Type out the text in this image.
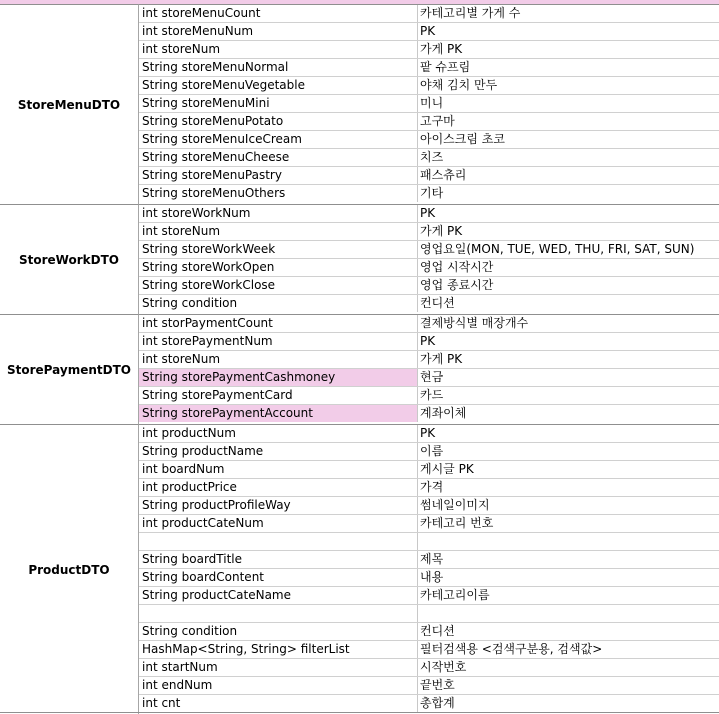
StoreMenuDTO
int storeMenuCount	카테고리별 가게 수
int storeMenuNum	PK
int storeNum	가게 PK
String storeMenuNormal	팥 슈프림
String storeMenuVegetable	야채 김치 만두
String storeMenuMini	미니
String storeMenuPotato	고구마
String storeMenuIceCream	아이스크림 초코
String storeMenuCheese	치즈
String storeMenuPastry	패스츄리
String storeMenuOthers	기타
StoreWorkDTO
int storeWorkNum	PK
int storeNum	가게 PK
String storeWorkWeek	영업요일(MON, TUE, WED, THU, FRI, SAT, SUN)
String storeWorkOpen	영업 시작시간
String storeWorkClose	영업 종료시간
String condition	컨디션
StorePaymentDTO
int storPaymentCount	결제방식별 매장개수
int storePaymentNum	PK
int storeNum	가게 PK
String storePaymentCashmoney	현금
String storePaymentCard	카드
String storePaymentAccount	계좌이체
ProductDTO
int productNum	PK
String productName	이름
int boardNum	게시글 PK
int productPrice	가격
String productProfileWay	썸네일이미지
int productCateNum	카테고리 번호
String boardTitle	제목
String boardContent	내용
String productCateName	카테고리이름
String condition	컨디션
HashMap<String, String> filterList	필터검색용 <검색구분용, 검색값>
int startNum	시작번호
int endNum	끝번호
int cnt	총합계
